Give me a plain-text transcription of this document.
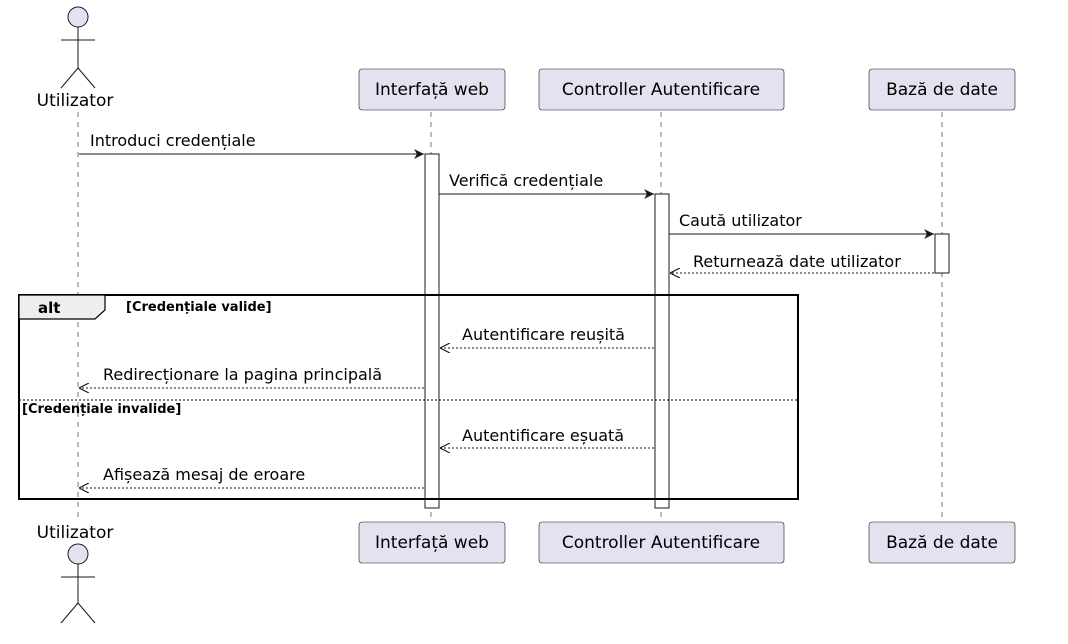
Utilizator
Interfață web	Controller Autentificare	Bază de date
Introduci credențiale
Verifică credențiale
Caută utilizator
Returnează date utilizator
alt	[Credențiale valide]
[Credențiale invalide]
Autentificare reușită
Redirecționare la pagina principală
Autentificare eșuată
Afișează mesaj de eroare
Interfață web	Controller Autentificare	Bază de date
Utilizator
